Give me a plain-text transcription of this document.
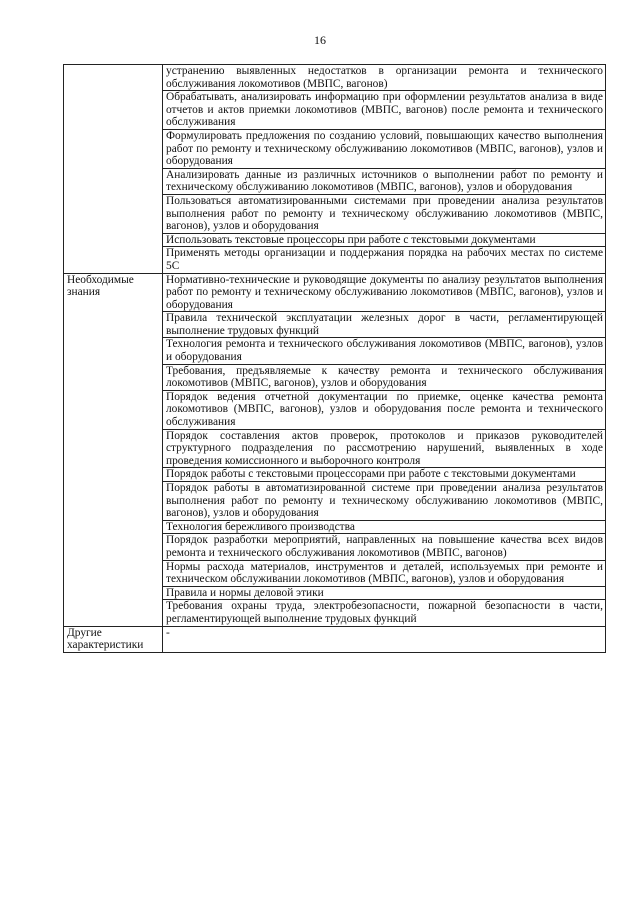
16
	устранению выявленных недостатков в организации ремонта и технического обслуживания локомотивов (МВПС, вагонов)
	Обрабатывать, анализировать информацию при оформлении результатов анализа в виде отчетов и актов приемки локомотивов (МВПС, вагонов) после ремонта и технического обслуживания
	Формулировать предложения по созданию условий, повышающих качество выполнения работ по ремонту и техническому обслуживанию локомотивов (МВПС, вагонов), узлов и оборудования
	Анализировать данные из различных источников о выполнении работ по ремонту и техническому обслуживанию локомотивов (МВПС, вагонов), узлов и оборудования
	Пользоваться автоматизированными системами при проведении анализа результатов выполнения работ по ремонту и техническому обслуживанию локомотивов (МВПС, вагонов), узлов и оборудования
	Использовать текстовые процессоры при работе с текстовыми документами
	Применять методы организации и поддержания порядка на рабочих местах по системе 5С
Необходимые знания	Нормативно-технические и руководящие документы по анализу результатов выполнения работ по ремонту и техническому обслуживанию локомотивов (МВПС, вагонов), узлов и оборудования
	Правила технической эксплуатации железных дорог в части, регламентирующей выполнение трудовых функций
	Технология ремонта и технического обслуживания локомотивов (МВПС, вагонов), узлов и оборудования
	Требования, предъявляемые к качеству ремонта и технического обслуживания локомотивов (МВПС, вагонов), узлов и оборудования
	Порядок ведения отчетной документации по приемке, оценке качества ремонта локомотивов (МВПС, вагонов), узлов и оборудования после ремонта и технического обслуживания
	Порядок составления актов проверок, протоколов и приказов руководителей структурного подразделения по рассмотрению нарушений, выявленных в ходе проведения комиссионного и выборочного контроля
	Порядок работы с текстовыми процессорами при работе с текстовыми документами
	Порядок работы в автоматизированной системе при проведении анализа результатов выполнения работ по ремонту и техническому обслуживанию локомотивов (МВПС, вагонов), узлов и оборудования
	Технология бережливого производства
	Порядок разработки мероприятий, направленных на повышение качества всех видов ремонта и технического обслуживания локомотивов (МВПС, вагонов)
	Нормы расхода материалов, инструментов и деталей, используемых при ремонте и техническом обслуживании локомотивов (МВПС, вагонов), узлов и оборудования
	Правила и нормы деловой этики
	Требования охраны труда, электробезопасности, пожарной безопасности в части, регламентирующей выполнение трудовых функций
Другие характеристики	-
